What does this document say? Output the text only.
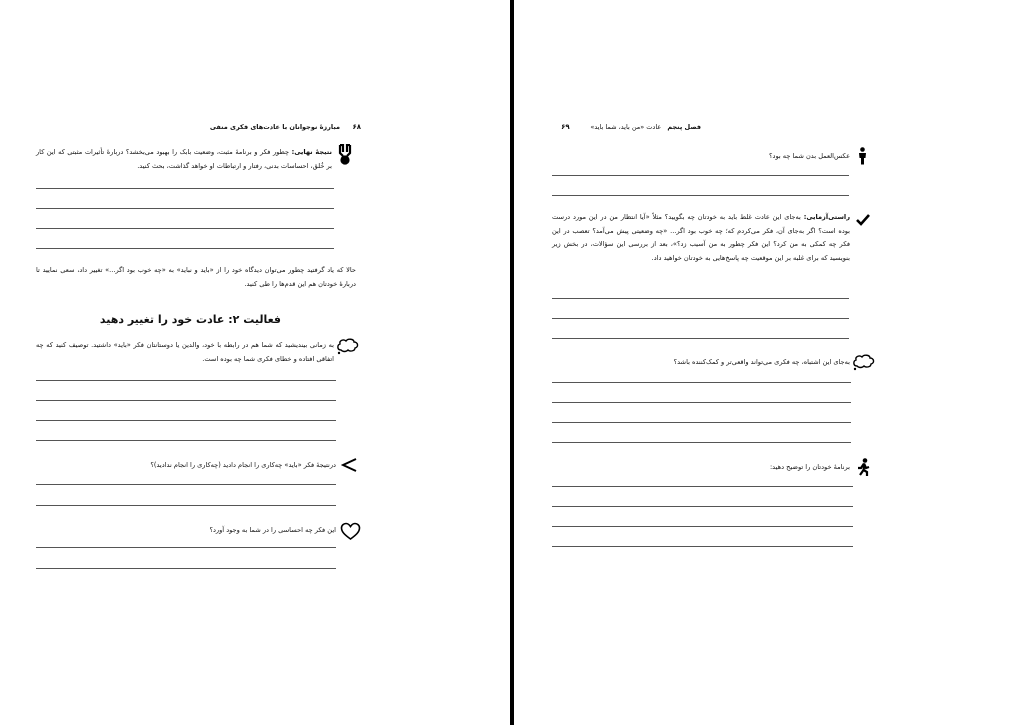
۶۸      مبارزهٔ نوجوانان با عادت‌های فکری منفی

نتیجهٔ نهایی: چطور فکر و برنامهٔ مثبت، وضعیت بابک را بهبود می‌بخشد؟ دربارهٔ تأثیرات مثبتی که این کار بر خُلق، احساسات بدنی، رفتار و ارتباطات او خواهد گذاشت، بحث کنید.

حالا که یاد گرفتید چطور می‌توان دیدگاه خود را از «باید و نباید» به «چه خوب بود اگر...» تغییر داد، سعی نمایید تا دربارهٔ خودتان هم این قدم‌ها را طی کنید.

فعالیت ۲: عادت خود را تغییر دهید

به زمانی بیندیشید که شما هم در رابطه با خود، والدین یا دوستانتان فکر «باید» داشتید. توصیف کنید که چه اتفاقی افتاده و خطای فکری شما چه بوده است.

درنتیجهٔ فکر «باید» چه‌کاری را انجام دادید (چه‌کاری را انجام ندادید)؟

این فکر چه احساسی را در شما به وجود آورد؟

فصل پنجم   عادت «من باید، شما باید»          ۶۹

عکس‌العمل بدن شما چه بود؟

راستی‌آزمایی: به‌جای این عادت غلط باید به خودتان چه بگویید؟ مثلاً «آیا انتظار من در این مورد درست بوده است؟ اگر به‌جای آن، فکر می‌کردم که؛ چه خوب بود اگر... «چه وضعیتی پیش می‌آمد؟ تعصب در این فکر چه کمکی به من کرد؟ این فکر چطور به من آسیب زد؟»، بعد از بررسی این سؤالات، در بخش زیر بنویسید که برای غلبه بر این موقعیت چه پاسخ‌هایی به خودتان خواهید داد.

به‌جای این اشتباه، چه فکری می‌تواند واقعی‌تر و کمک‌کننده باشد؟

برنامهٔ خودتان را توضیح دهید:
